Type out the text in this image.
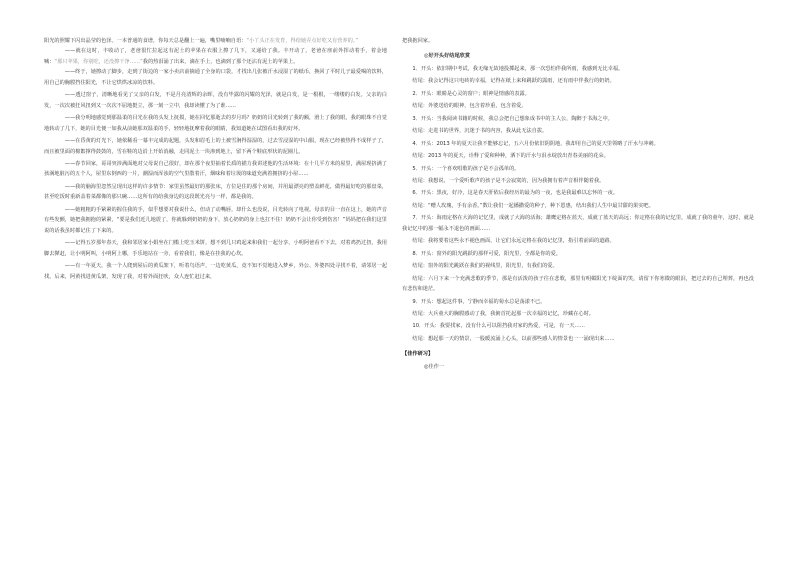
阳光的照耀下闪出晶莹的色泽。一本普通的食谱，你每天总是翻上一遍，嘴里喃喃自语：“小丫头正在发育，得给她弄点好吃又有营养的。”

——就在这时，丰收动了，老爸很忙拉起这有泥土的苹果在衣服上擦了几下，又递给了我。丰开动了，老爸在座前外挥动着手，着金地喊：“那只苹果，你别吃，还没擦干净……”我的热泪涌了出来，滴在手上，也滴到了那个还沾有泥土的苹果上。

——终于，她擦动了脚步，走到了街边的一家小卖店前摘通了全身的口袋，才找出几张被汗水浸湿了的纸币，换回了平时儿子最爱喝的饮料，用自己的胸膛挡住阳光，不让它烘烘冰凉的饮料。

——透过窗子，清晰地看见了父亲的白发，不是月亮清辉的余晖，没有毕露的闪耀的光泽，就是白发，是一根根，一缕缕的白发。父亲的白发，一次次被狂风扭到又一次次不屈地挺立，那一刻一立中，我却读懂了为了谁……

——我分明地感觉到那温柔的目光在我的头发上抚摸，她在回忆那逝去的岁月吗？奶奶的目光转到了我的额，滑上了我的眼，我的眼珠不自觉地转动了几下，她的目光便一如我从前她那双温柔的手，轻轻地抚摩着我的眼睛，我知道她在试图看出我的好坏。

——在昏黄的灯光下，她依稀看一幕丰完成的起题，头发和眉毛上的土被雪涧得湿湿的，过去雪浸湿的中山服，现在已经被热得不成样子了，而且被里面的棉絮撑得鼓鼓的，雪在鞋的边沿上开始消融，走同泥土一块渗到地上，留下两个鞋底形状的泥圈儿。

——春节回家，哥哥突涉满面地对父母说自己很好，却在那个夜里抽着长质的描力我讲述他的生活环境：在十几平方米的屋里，满屋现挤满了孩满地脏污的五个人，屋里东倒西的一片，潮湿而浑浊的空气里散着汗，烟味和着垃圾的味道充满着拥挤的小屋……

——我的脑海里忽然呈现出这样的许多情节：家里虽然最好的那张床，方位是住的那个房间，并用最漂亮的塑盖鲜花，做得最好吃的那盘菜，甚至吃饭时重新盖着菜都像的那只碗……这所有的给我身边的这段既光亮与一样，都是我的。

——她粗粗的手紧紧的握住我的手，似乎想要对我说什么，但动了动嘴唇，却什么也没说，目光转向了电视。母亲的目一直在这上，她的声音有些发颤，她把我拥抱的紧紧，“要是我们近儿地震了，你就躲到奶奶的身下，放心奶奶的身上也扛不住！奶奶不会让你受到伤害！”妈妈把在我们这里说的话我虽时都记住了下来的。

——记得五岁那年春天，我和邻居家小娟坐在门槛上吃玉米饼，想不到几只鸡起来和我们一起分享，小明阿爸看不下去，对着鸡扔过扭，我用脚去撵赶，让小明阿叫，小明阿上哪，手乐地站在一旁，看着我们，像是在挂我的心坎。

——有一年夏天，我一个人爬到屋后的黄瓜架下，听着鸟语声，一边吃黄瓜，竟不知不觉地进入梦乡，外公、外婆四处寻找不着，请邻居一起找。后来，阿黄找进黄瓜架，发现了我，对着外面狂吠，众人连忙赶过来，

把我抱回家。

◎好开头好结尾欣赏

1．开头：依旧期中考试，我无缘无故地投掷起来，那一次恐怕伴我所雨，我感到无比幸福。

结尾：我会记得这只电砖的幸福，记得在纸上来和跳跃的露雨，还有雨中伴我行的奶奶。

2．开头：眼睛是心灵的窗户；眼神是情感的表露。

结尾：外婆送给的眼神，包含着珍重，包含着爱。

3．开头：当我阅读书籍的时候，我总会把自己想象成书中的主人公，陶醉于书海之中。

结尾：走进书的世界，沉迷于书的内容，我从此无法自拔。

4．开头：2013 年的夏天让我不能够忘记，五六月份依旧阴阴地，我却用自己的夏天里领略了汗水与冲刺。

结尾：2013 年的夏天，诠释了爱和种种，洒下的汗水与泪水绽放出青春美丽的花朵。

5．开头：一个喜欢唱歌的孩子是不会孤单的。

结尾：我想说，一个爱听歌声的孩子是不会寂寞的，因为我拥有着声音相伴随着我。

6．开头：黑夜，好冷，这是春天肝依后我经历的最为的一夜，也是我最难以忘怀的一夜。

结尾：“赠人玫瑰，手有余香。”数让我们一起播撒爱的种子，种下恩惠，结出我们人生中最甘甜的果实吧。

7．开头：海雨定格在大海的记忆里，成就了大海的活海；雄鹰定格在蓝天，成就了蓝天的高远；你定格在我的记忆里，成就了我的童年，这时，就是我记忆中的那一幅永不退色的画面……

结尾：我将要着这些永不褪色画面，让它们永远定格在我的记忆里，指引着前面的道路。

8．开头：窗外的阳光跳跃的那样可爱，阳光里，全都是你的爱。

结尾：窗外的阳光跳跃在我们的视线里，阳光里，有我们的爱。

结尾：六月下来一个充满悲歌的季节，那是有活泼的孩子往在悲歌，那里有明媚阳光下绽面的笑，请留下你寒微的眼泪，把过去的自己埋葬，再也没有悲伤和迷茫。

9．开头：想起这件事，宁静而幸福的菊水总是荡漾不已。

结尾：大兵童大的胸膛感动了我，我俯首托起那一次幸福的记忆，珍藏在心时。

10．开头：我要找家，没有什么可以阻挡我对家的热爱，可是，有一天……

结尾：想起那一天的情景，一股暖流涌上心头，以前那些感人的情景也一一涌现出来……

【佳作研习】

◎佳作一
